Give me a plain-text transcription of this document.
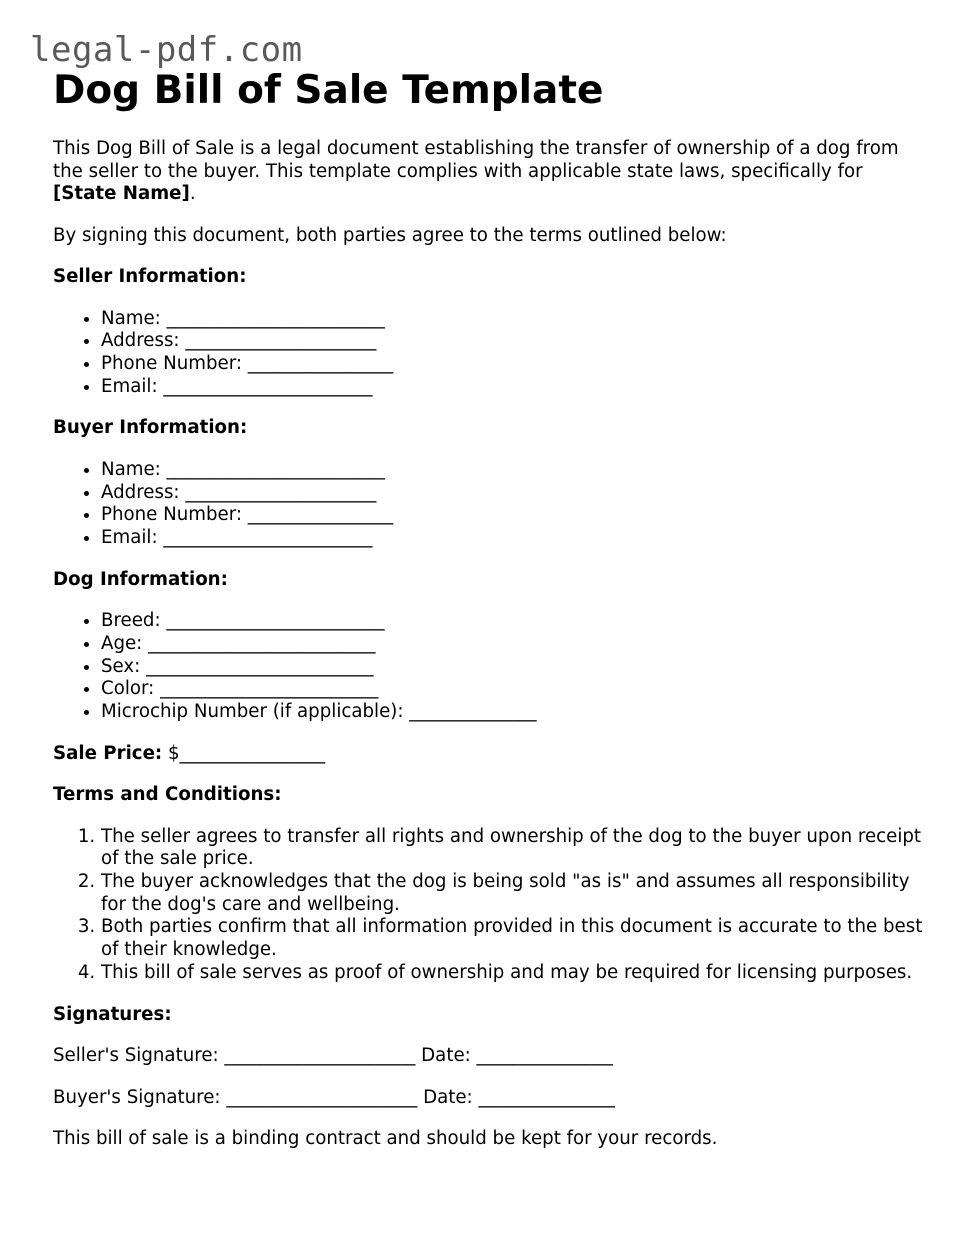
legal-pdf.com
Dog Bill of Sale Template

This Dog Bill of Sale is a legal document establishing the transfer of ownership of a dog from the seller to the buyer. This template complies with applicable state laws, specifically for [State Name].

By signing this document, both parties agree to the terms outlined below:

Seller Information:

• Name: ________________________
• Address: _____________________
• Phone Number: ________________
• Email: _______________________

Buyer Information:

• Name: ________________________
• Address: _____________________
• Phone Number: ________________
• Email: _______________________

Dog Information:

• Breed: ________________________
• Age: _________________________
• Sex: _________________________
• Color: ________________________
• Microchip Number (if applicable): ______________

Sale Price: $________________

Terms and Conditions:

1. The seller agrees to transfer all rights and ownership of the dog to the buyer upon receipt of the sale price.
2. The buyer acknowledges that the dog is being sold "as is" and assumes all responsibility for the dog's care and wellbeing.
3. Both parties confirm that all information provided in this document is accurate to the best of their knowledge.
4. This bill of sale serves as proof of ownership and may be required for licensing purposes.

Signatures:

Seller's Signature: _____________________ Date: _______________

Buyer's Signature: _____________________ Date: _______________

This bill of sale is a binding contract and should be kept for your records.
